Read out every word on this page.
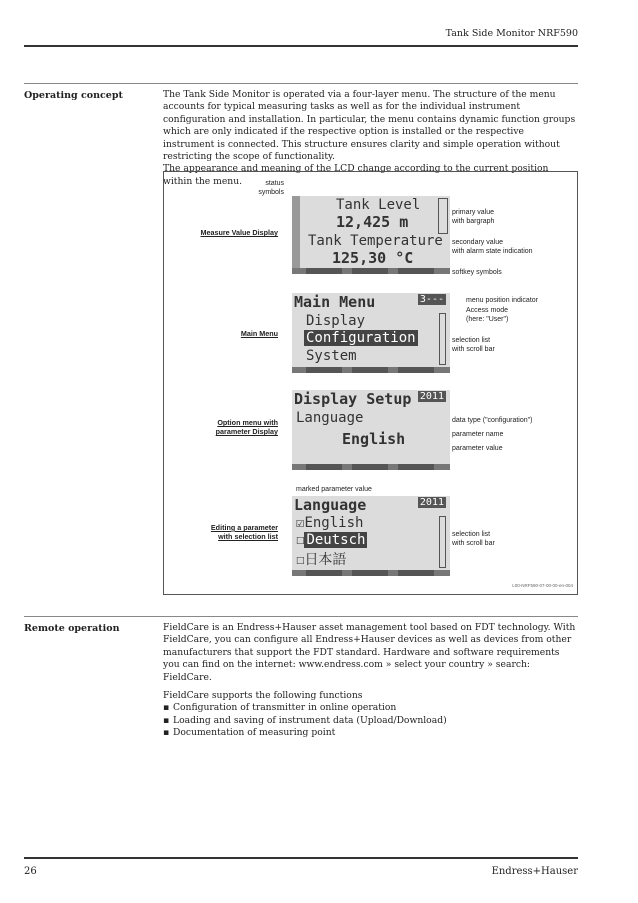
Tank Side Monitor NRF590
Operating concept	The Tank Side Monitor is operated via a four-layer menu. The structure of the menu accounts for typical measuring tasks as well as for the individual instrument configuration and installation. In particular, the menu contains dynamic function groups which are only indicated if the respective option is installed or the respective instrument is connected. This structure ensures clarity and simple operation without restricting the scope of functionality.

The appearance and meaning of the LCD change according to the current position within the menu.	status
symbols
Measure Value Display
Tank Level
12,425 m
Tank Temperature
125,30 °C
primary value
with bargraph
secondary value
with alarm state indication
softkey symbols
Main Menu
Main Menu	3---
Display
Configuration
System
menu position indicator
Access mode
(here: "User")
selection list
with scroll bar
Option menu with
parameter Display
Display Setup 2011
Language
English
data type ("configuration")
parameter name
parameter value
marked parameter value
Editing a parameter
with selection list
Language	2011
☑English
☐ Deutsch
☐日本語
selection list
with scroll bar
L00-NRF590-07-00-00-en-004
Remote operation	FieldCare is an Endress+Hauser asset management tool based on FDT technology. With FieldCare, you can configure all Endress+Hauser devices as well as devices from other manufacturers that support the FDT standard. Hardware and software requirements you can find on the internet: www.endress.com » select your country » search: FieldCare.

FieldCare supports the following functions

▪ Configuration of transmitter in online operation
▪ Loading and saving of instrument data (Upload/Download)
▪ Documentation of measuring point
26	Endress+Hauser
